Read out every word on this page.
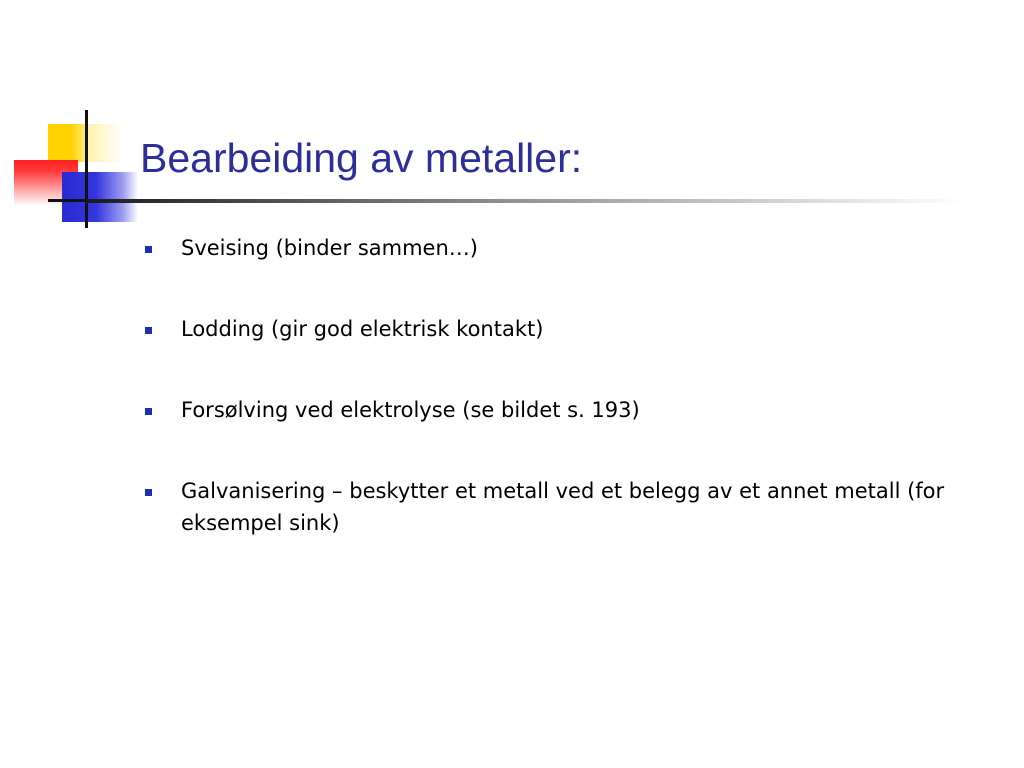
Bearbeiding av metaller:
Sveising (binder sammen…)
Lodding (gir god elektrisk kontakt)
Forsølving ved elektrolyse (se bildet s. 193)
Galvanisering – beskytter et metall ved et belegg av et annet metall (for eksempel sink)
